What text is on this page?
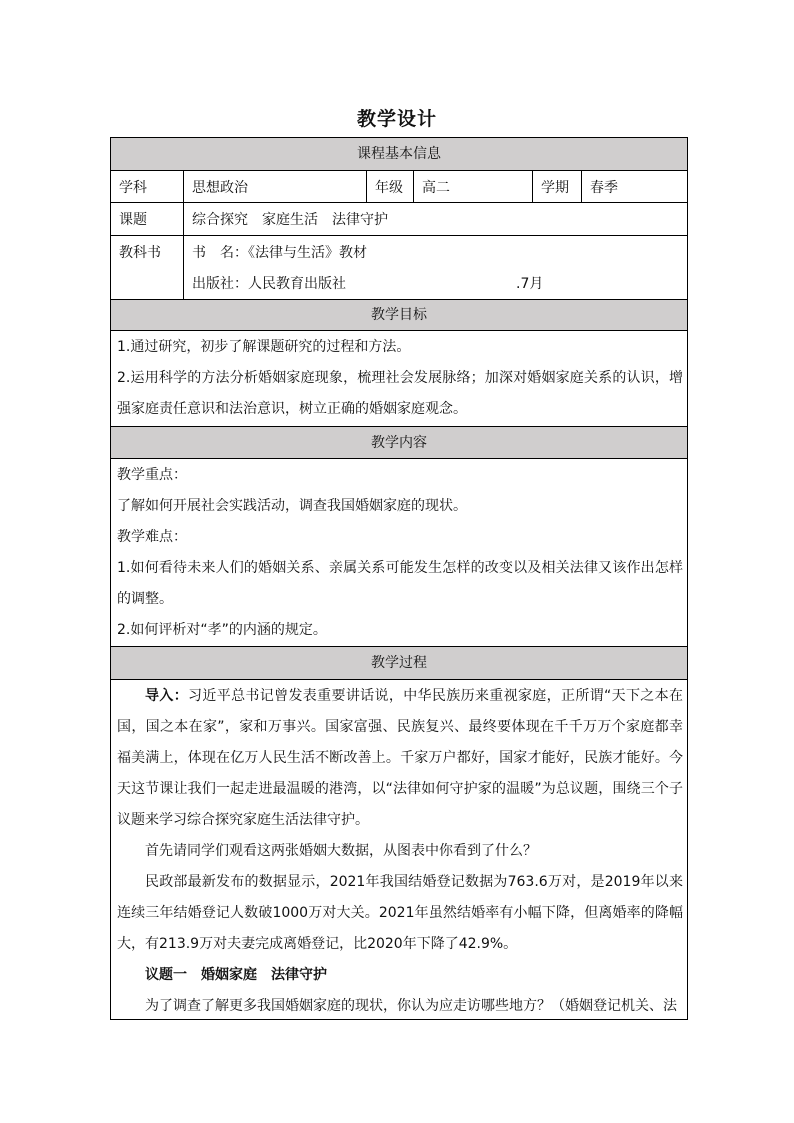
教学设计
课程基本信息
学科	思想政治	年级	高二	学期	春季
课题	综合探究　家庭生活　法律守护
教科书	书　名：《法律与生活》教材
出版社：人民教育出版社	.7月
教学目标
1.通过研究，初步了解课题研究的过程和方法。
2.运用科学的方法分析婚姻家庭现象，梳理社会发展脉络；加深对婚姻家庭关系的认识，增强家庭责任意识和法治意识，树立正确的婚姻家庭观念。
教学内容
教学重点：
了解如何开展社会实践活动，调查我国婚姻家庭的现状。
教学难点：
1.如何看待未来人们的婚姻关系、亲属关系可能发生怎样的改变以及相关法律又该作出怎样的调整。
2.如何评析对“孝”的内涵的规定。
教学过程
导入：习近平总书记曾发表重要讲话说，中华民族历来重视家庭，正所谓“天下之本在国，国之本在家”，家和万事兴。国家富强、民族复兴、最终要体现在千千万万个家庭都幸福美满上，体现在亿万人民生活不断改善上。千家万户都好，国家才能好，民族才能好。今天这节课让我们一起走进最温暖的港湾，以“法律如何守护家的温暖”为总议题，围绕三个子议题来学习综合探究家庭生活法律守护。
首先请同学们观看这两张婚姻大数据，从图表中你看到了什么？
民政部最新发布的数据显示，2021年我国结婚登记数据为763.6万对，是2019年以来连续三年结婚登记人数破1000万对大关。2021年虽然结婚率有小幅下降，但离婚率的降幅大，有213.9万对夫妻完成离婚登记，比2020年下降了42.9%。
议题一　婚姻家庭　法律守护
为了调查了解更多我国婚姻家庭的现状，你认为应走访哪些地方？（婚姻登记机关、法
